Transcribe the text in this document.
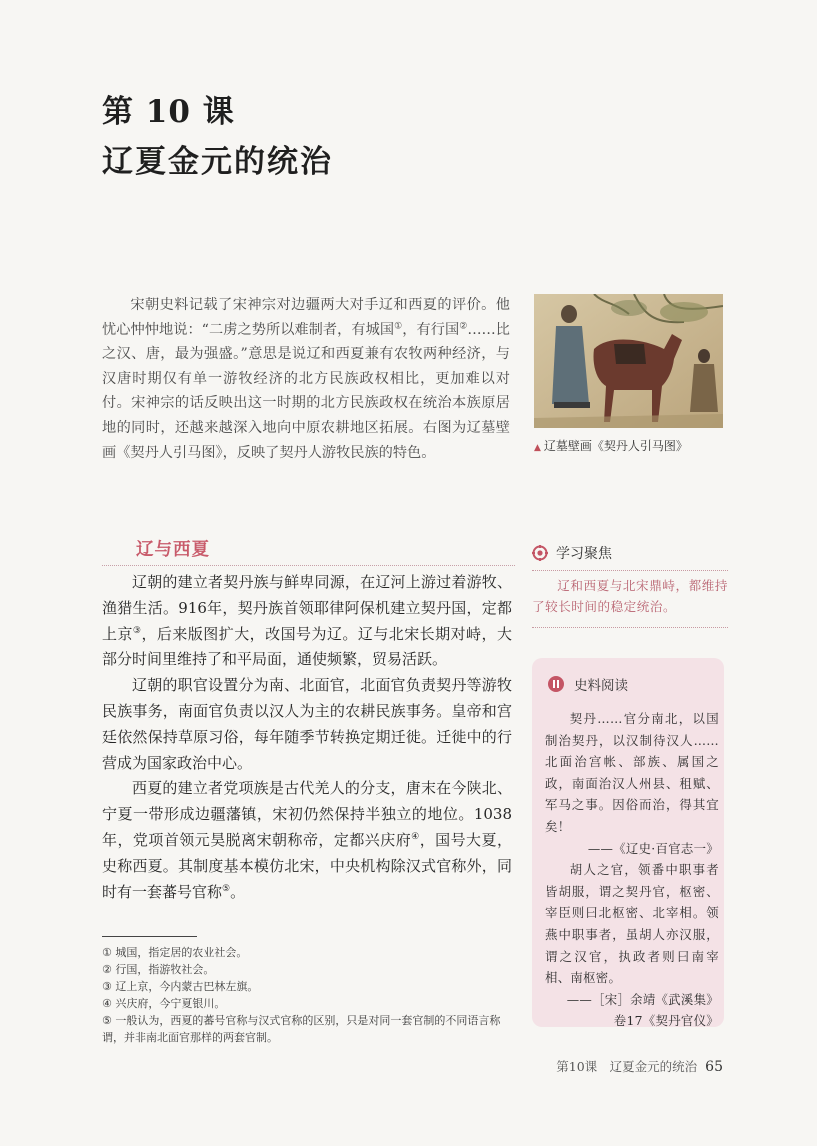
第 10 课
辽夏金元的统治

宋朝史料记载了宋神宗对边疆两大对手辽和西夏的评价。他忧心忡忡地说：“二虏之势所以难制者，有城国①，有行国②……比之汉、唐，最为强盛。”意思是说辽和西夏兼有农牧两种经济，与汉唐时期仅有单一游牧经济的北方民族政权相比，更加难以对付。宋神宗的话反映出这一时期的北方民族政权在统治本族原居地的同时，还越来越深入地向中原农耕地区拓展。右图为辽墓壁画《契丹人引马图》，反映了契丹人游牧民族的特色。	▲ 辽墓壁画《契丹人引马图》
辽与西夏

辽朝的建立者契丹族与鲜卑同源，在辽河上游过着游牧、渔猎生活。916年，契丹族首领耶律阿保机建立契丹国，定都上京③，后来版图扩大，改国号为辽。辽与北宋长期对峙，大部分时间里维持了和平局面，通使频繁，贸易活跃。

辽朝的职官设置分为南、北面官，北面官负责契丹等游牧民族事务，南面官负责以汉人为主的农耕民族事务。皇帝和宫廷依然保持草原习俗，每年随季节转换定期迁徙。迁徙中的行营成为国家政治中心。

西夏的建立者党项族是古代羌人的分支，唐末在今陕北、宁夏一带形成边疆藩镇，宋初仍然保持半独立的地位。1038年，党项首领元昊脱离宋朝称帝，定都兴庆府④，国号大夏，史称西夏。其制度基本模仿北宋，中央机构除汉式官称外，同时有一套蕃号官称⑤。

① 城国，指定居的农业社会。
② 行国，指游牧社会。
③ 辽上京，今内蒙古巴林左旗。
④ 兴庆府，今宁夏银川。
⑤ 一般认为，西夏的蕃号官称与汉式官称的区别，只是对同一套官制的不同语言称谓，并非南北面官那样的两套官制。
学习聚焦
辽和西夏与北宋鼎峙，都维持了较长时间的稳定统治。
史料阅读

契丹……官分南北，以国制治契丹，以汉制待汉人……北面治宫帐、部族、属国之政，南面治汉人州县、租赋、军马之事。因俗而治，得其宜矣！

——《辽史·百官志一》

胡人之官，领番中职事者皆胡服，谓之契丹官，枢密、宰臣则曰北枢密、北宰相。领燕中职事者，虽胡人亦汉服，谓之汉官，执政者则曰南宰相、南枢密。

——［宋］余靖《武溪集》

卷17《契丹官仪》

第10课　辽夏金元的统治 65
